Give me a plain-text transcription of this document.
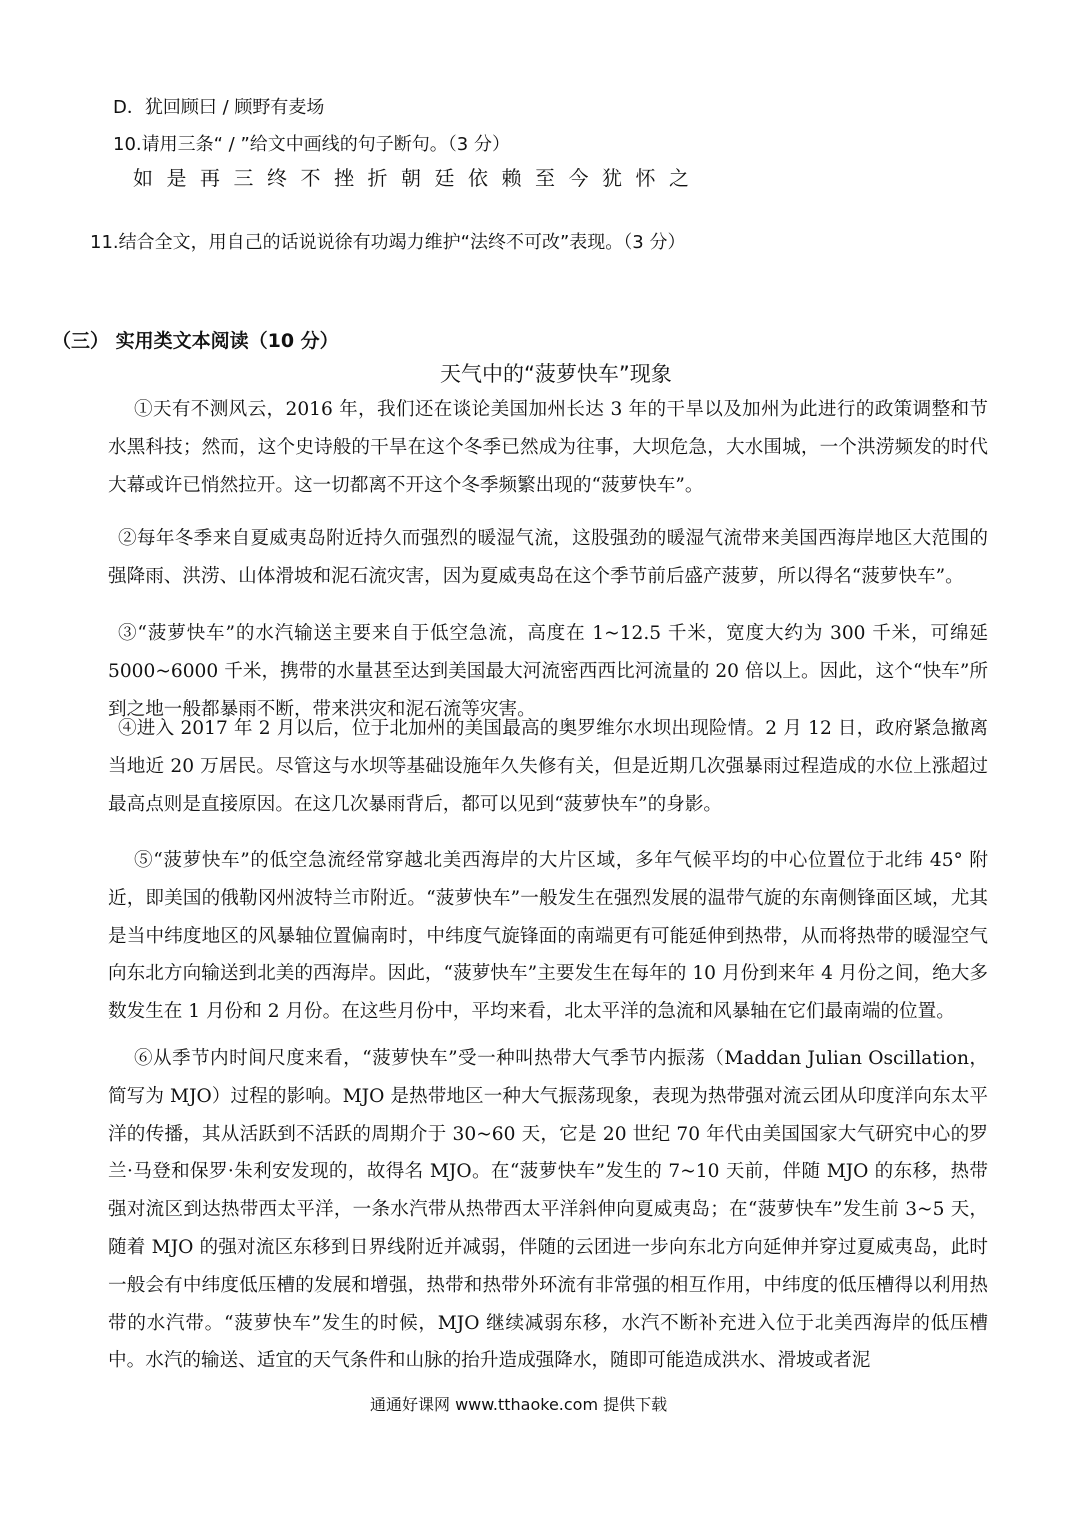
D．犹回顾曰 / 顾野有麦场
10.请用三条“ / ”给文中画线的句子断句。（3 分）
如是再三终不挫折朝廷依赖至今犹怀之
11.结合全文，用自己的话说说徐有功竭力维护“法终不可改”表现。（3 分）
（三） 实用类文本阅读（10 分）
天气中的“菠萝快车”现象
①天有不测风云，2016 年，我们还在谈论美国加州长达 3 年的干旱以及加州为此进行的政策调整和节水黑科技；然而，这个史诗般的干旱在这个冬季已然成为往事，大坝危急，大水围城，一个洪涝频发的时代大幕或许已悄然拉开。这一切都离不开这个冬季频繁出现的“菠萝快车”。
②每年冬季来自夏威夷岛附近持久而强烈的暖湿气流，这股强劲的暖湿气流带来美国西海岸地区大范围的强降雨、洪涝、山体滑坡和泥石流灾害，因为夏威夷岛在这个季节前后盛产菠萝，所以得名“菠萝快车”。
③“菠萝快车”的水汽输送主要来自于低空急流，高度在 1~12.5 千米，宽度大约为 300 千米，可绵延 5000~6000 千米，携带的水量甚至达到美国最大河流密西西比河流量的 20 倍以上。因此，这个“快车”所到之地一般都暴雨不断，带来洪灾和泥石流等灾害。
④进入 2017 年 2 月以后，位于北加州的美国最高的奥罗维尔水坝出现险情。2 月 12 日，政府紧急撤离当地近 20 万居民。尽管这与水坝等基础设施年久失修有关，但是近期几次强暴雨过程造成的水位上涨超过最高点则是直接原因。在这几次暴雨背后，都可以见到“菠萝快车”的身影。
⑤“菠萝快车”的低空急流经常穿越北美西海岸的大片区域，多年气候平均的中心位置位于北纬 45° 附近，即美国的俄勒冈州波特兰市附近。“菠萝快车”一般发生在强烈发展的温带气旋的东南侧锋面区域，尤其是当中纬度地区的风暴轴位置偏南时，中纬度气旋锋面的南端更有可能延伸到热带，从而将热带的暖湿空气向东北方向输送到北美的西海岸。因此，“菠萝快车”主要发生在每年的 10 月份到来年 4 月份之间，绝大多数发生在 1 月份和 2 月份。在这些月份中，平均来看，北太平洋的急流和风暴轴在它们最南端的位置。
⑥从季节内时间尺度来看，“菠萝快车”受一种叫热带大气季节内振荡（Maddan Julian Oscillation，简写为 MJO）过程的影响。MJO 是热带地区一种大气振荡现象，表现为热带强对流云团从印度洋向东太平洋的传播，其从活跃到不活跃的周期介于 30~60 天，它是 20 世纪 70 年代由美国国家大气研究中心的罗兰·马登和保罗·朱利安发现的，故得名 MJO。在“菠萝快车”发生的 7~10 天前，伴随 MJO 的东移，热带强对流区到达热带西太平洋，一条水汽带从热带西太平洋斜伸向夏威夷岛；在“菠萝快车”发生前 3~5 天，随着 MJO 的强对流区东移到日界线附近并减弱，伴随的云团进一步向东北方向延伸并穿过夏威夷岛，此时一般会有中纬度低压槽的发展和增强，热带和热带外环流有非常强的相互作用，中纬度的低压槽得以利用热带的水汽带。“菠萝快车”发生的时候，MJO 继续减弱东移，水汽不断补充进入位于北美西海岸的低压槽中。水汽的输送、适宜的天气条件和山脉的抬升造成强降水，随即可能造成洪水、滑坡或者泥
通通好课网 www.tthaoke.com 提供下载
